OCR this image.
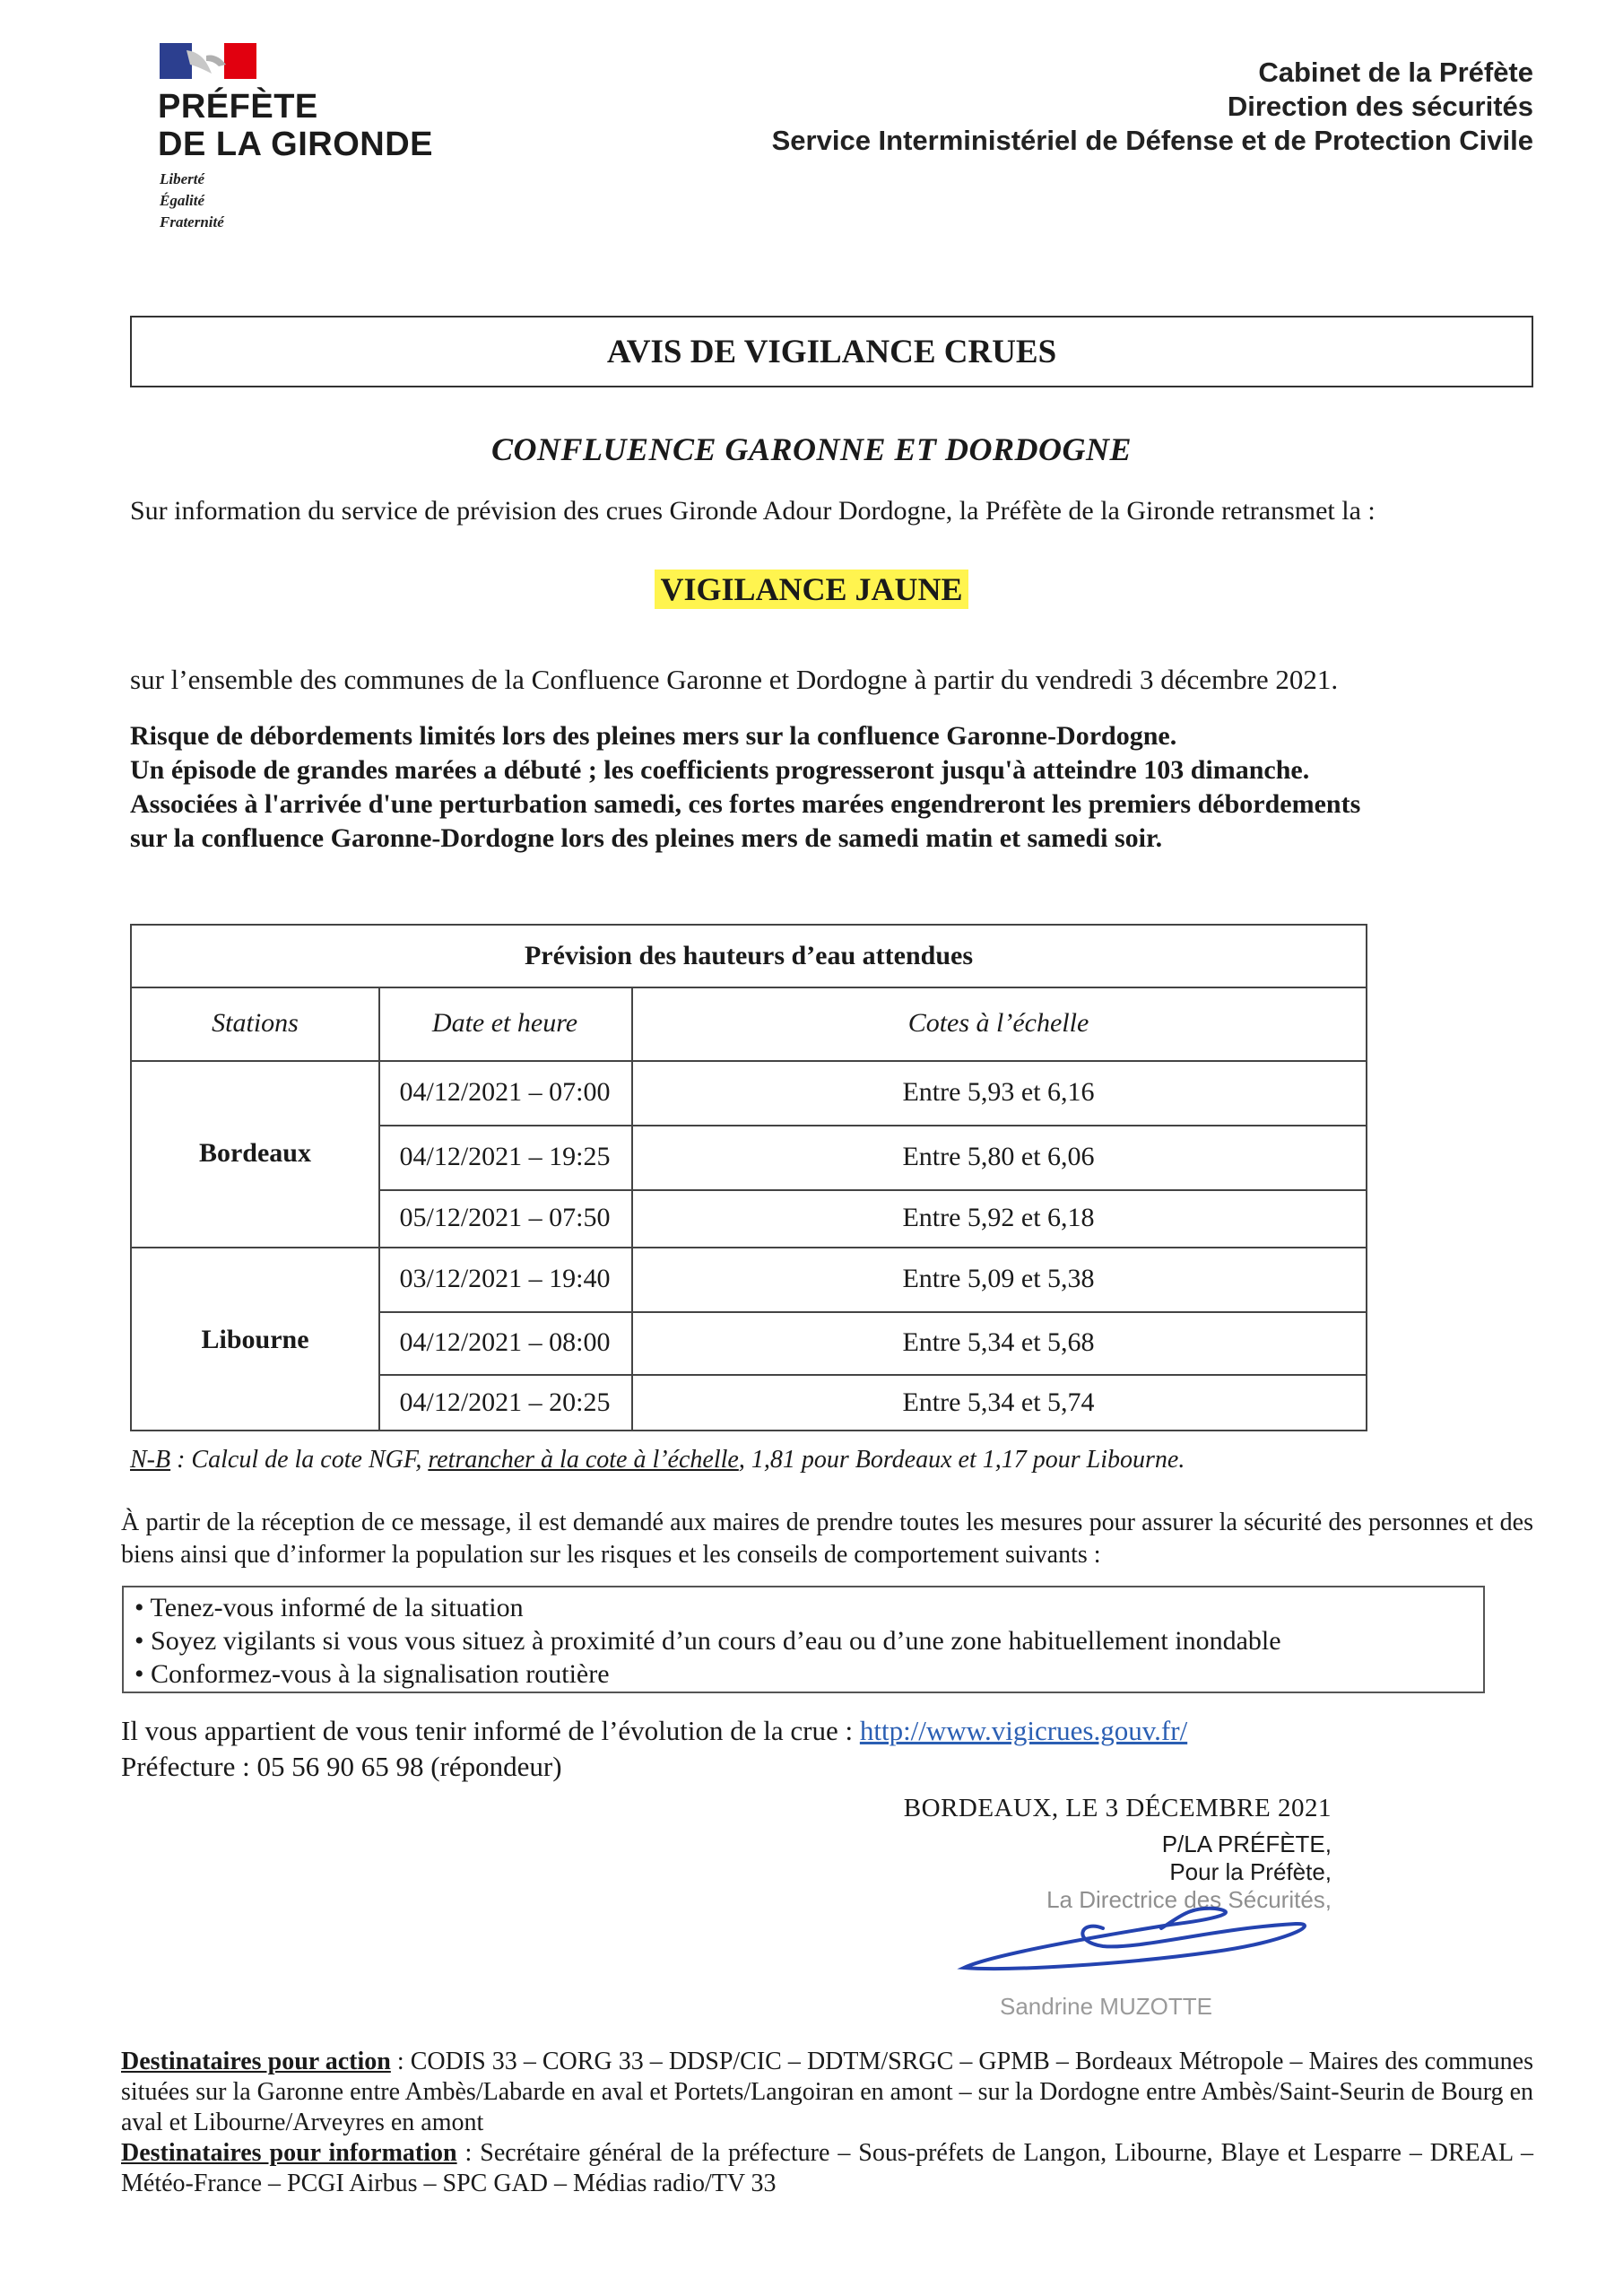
PRÉFÈTE
DE LA GIRONDE
Liberté
Égalité
Fraternité
Cabinet de la Préfète
Direction des sécurités
Service Interministériel de Défense et de Protection Civile
AVIS DE VIGILANCE CRUES
CONFLUENCE GARONNE ET DORDOGNE
Sur information du service de prévision des crues Gironde Adour Dordogne, la Préfète de la Gironde retransmet la :
VIGILANCE JAUNE
sur l’ensemble des communes de la Confluence Garonne et Dordogne à partir du vendredi 3 décembre 2021.
Risque de débordements limités lors des pleines mers sur la confluence Garonne-Dordogne.
Un épisode de grandes marées a débuté ; les coefficients progresseront jusqu'à atteindre 103 dimanche.
Associées à l'arrivée d'une perturbation samedi, ces fortes marées engendreront les premiers débordements
sur la confluence Garonne-Dordogne lors des pleines mers de samedi matin et samedi soir.
Prévision des hauteurs d’eau attendues
Stations	Date et heure	Cotes à l’échelle
Bordeaux
04/12/2021 – 07:00	Entre 5,93 et 6,16
04/12/2021 – 19:25	Entre 5,80 et 6,06
05/12/2021 – 07:50	Entre 5,92 et 6,18
Libourne
03/12/2021 – 19:40	Entre 5,09 et 5,38
04/12/2021 – 08:00	Entre 5,34 et 5,68
04/12/2021 – 20:25	Entre 5,34 et 5,74
N-B : Calcul de la cote NGF, retrancher à la cote à l’échelle, 1,81 pour Bordeaux et 1,17 pour Libourne.
À partir de la réception de ce message, il est demandé aux maires de prendre toutes les mesures pour assurer la sécurité des personnes et des biens ainsi que d’informer la population sur les risques et les conseils de comportement suivants :
• Tenez-vous informé de la situation
• Soyez vigilants si vous vous situez à proximité d’un cours d’eau ou d’une zone habituellement inondable
• Conformez-vous à la signalisation routière
Il vous appartient de vous tenir informé de l’évolution de la crue : http://www.vigicrues.gouv.fr/
Préfecture : 05 56 90 65 98 (répondeur)
BORDEAUX, LE 3 DÉCEMBRE 2021
P/LA PRÉFÈTE,
Pour la Préfète,
La Directrice des Sécurités,
Sandrine MUZOTTE
Destinataires pour action : CODIS 33 – CORG 33 – DDSP/CIC – DDTM/SRGC – GPMB – Bordeaux Métropole – Maires des communes situées sur la Garonne entre Ambès/Labarde en aval et Portets/Langoiran en amont – sur la Dordogne entre Ambès/Saint-Seurin de Bourg en aval et Libourne/Arveyres en amont
Destinataires pour information : Secrétaire général de la préfecture – Sous-préfets de Langon, Libourne, Blaye et Lesparre – DREAL – Météo-France – PCGI Airbus – SPC GAD – Médias radio/TV 33
